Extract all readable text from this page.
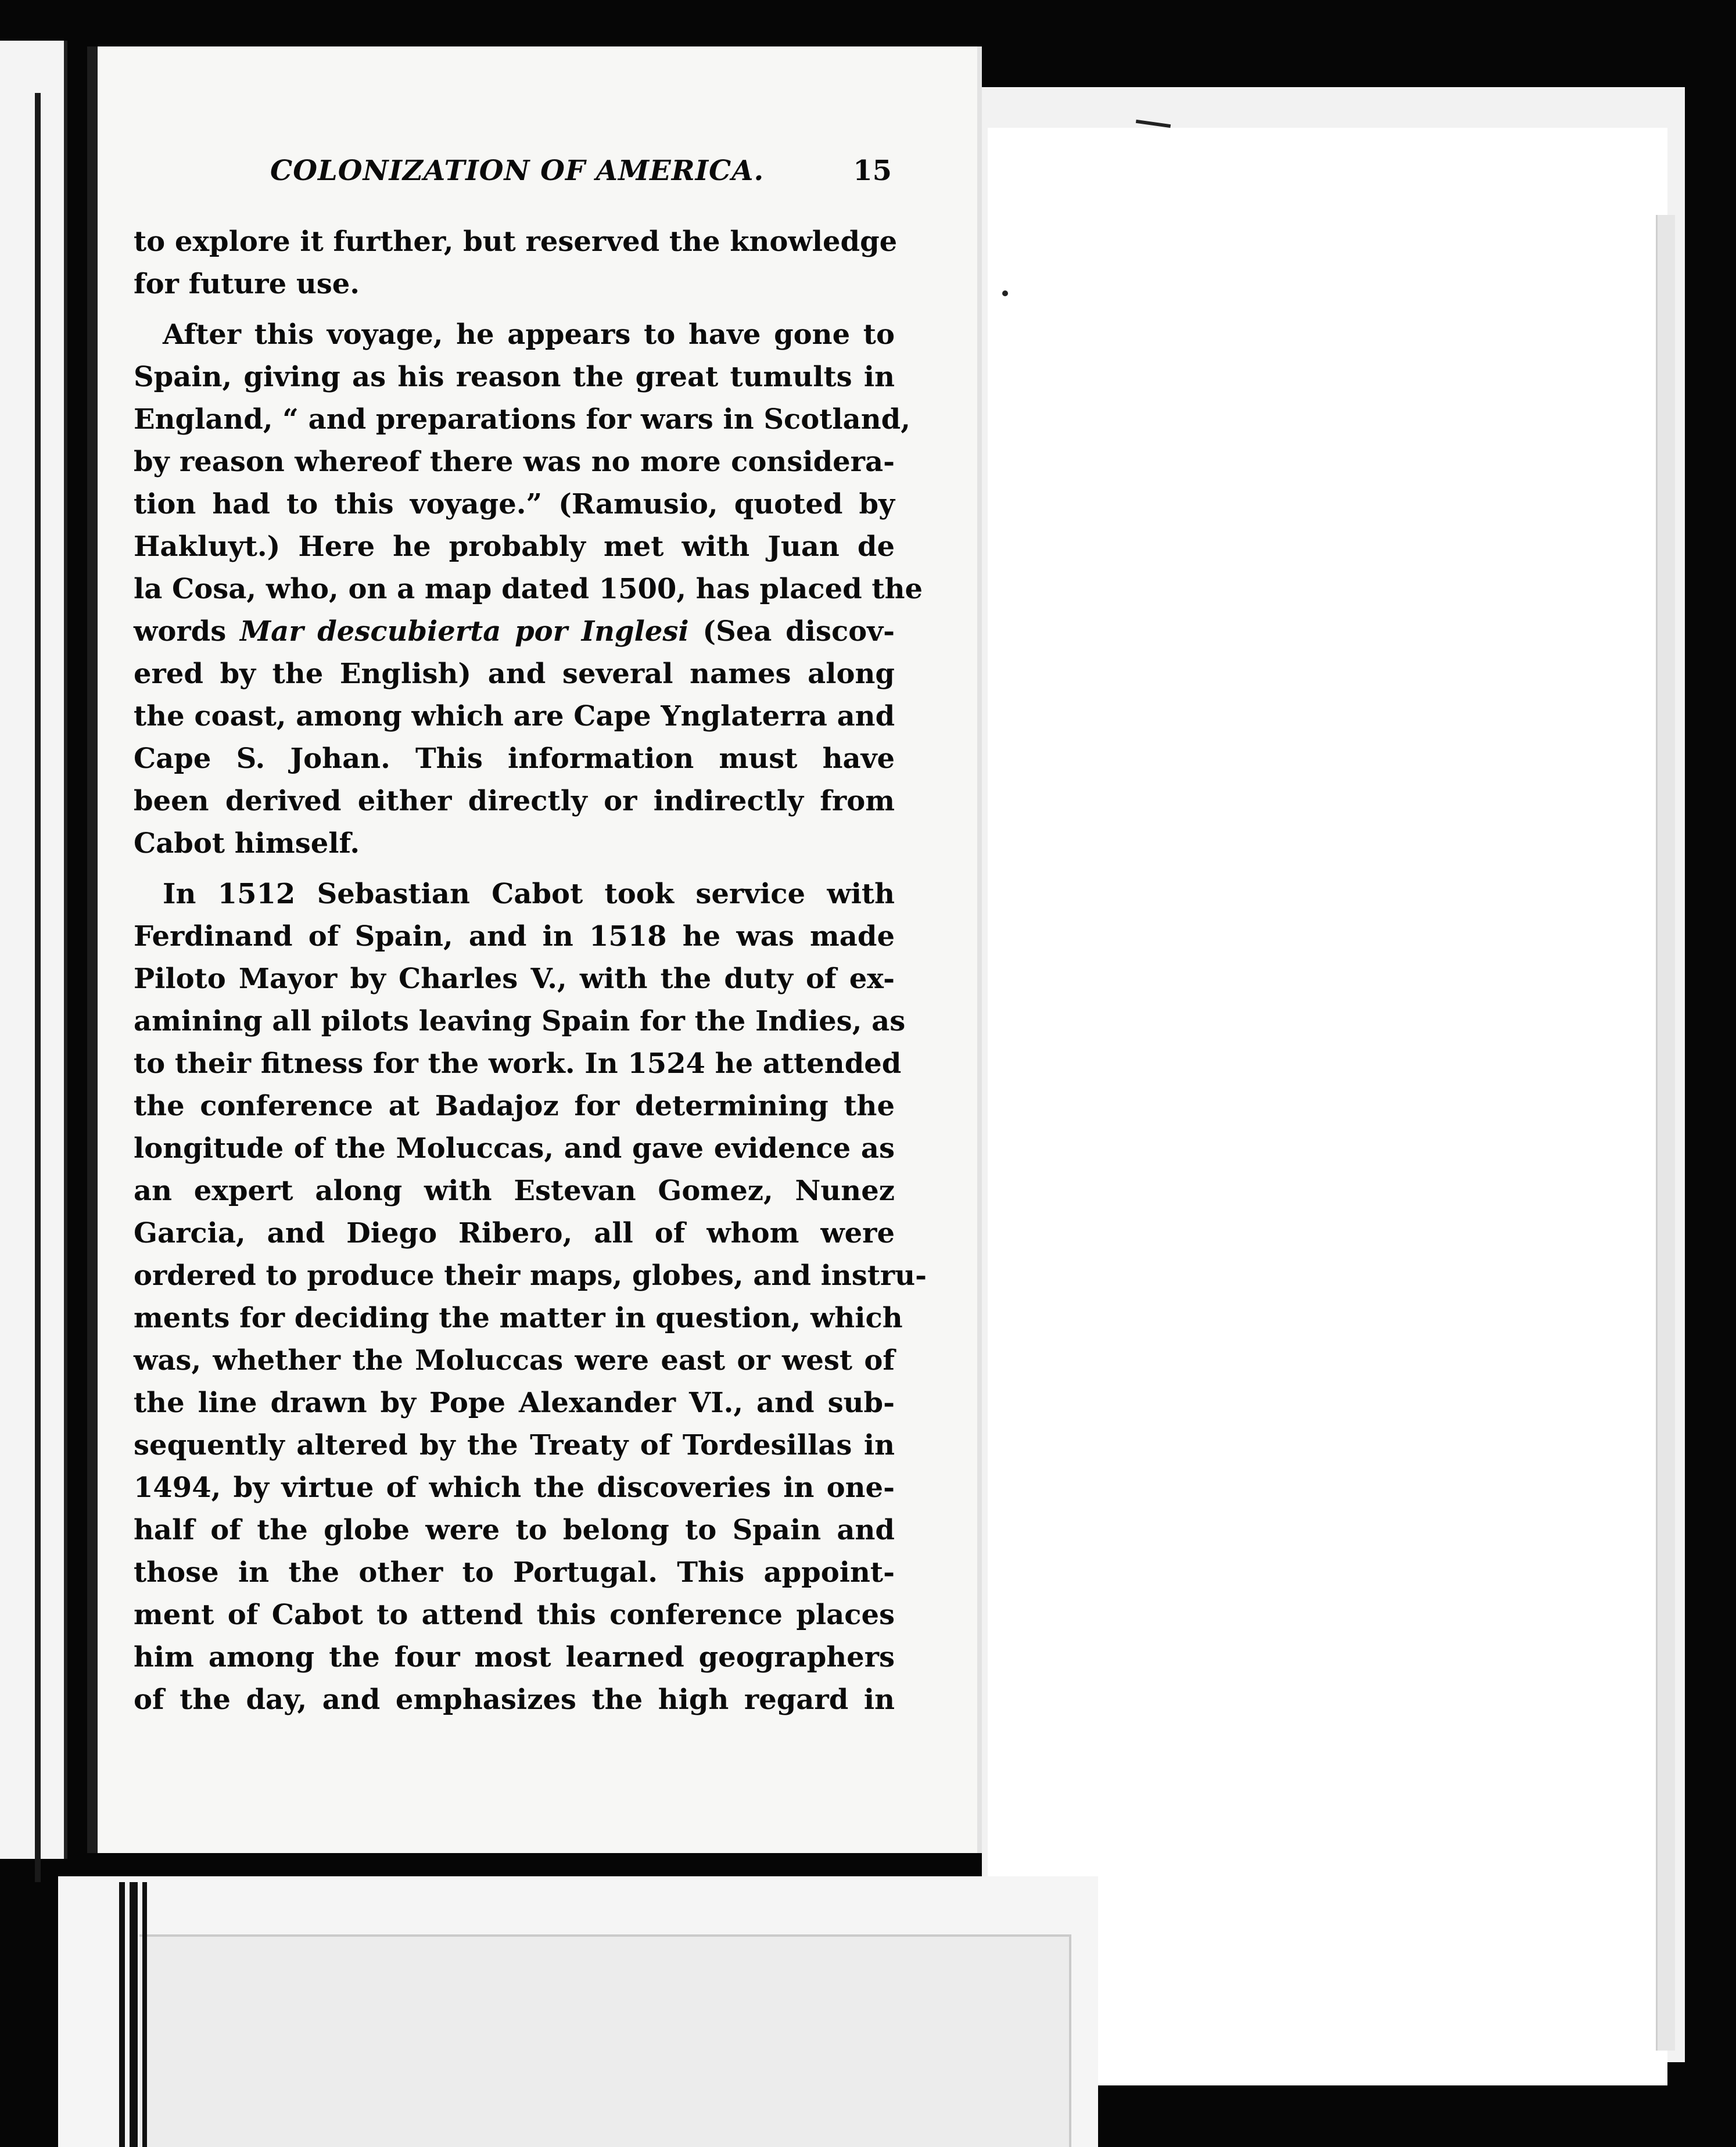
COLONIZATION OF AMERICA.	15
to explore it further, but reserved the knowledge
for future use.
After this voyage, he appears to have gone to
Spain, giving as his reason the great tumults in
England, “ and preparations for wars in Scotland,
by reason whereof there was no more considera-
tion had to this voyage.” (Ramusio, quoted by
Hakluyt.) Here he probably met with Juan de
la Cosa, who, on a map dated 1500, has placed the
words Mar descubierta por Inglesi (Sea discov-
ered by the English) and several names along
the coast, among which are Cape Ynglaterra and
Cape S. Johan. This information must have
been derived either directly or indirectly from
Cabot himself.
In 1512 Sebastian Cabot took service with
Ferdinand of Spain, and in 1518 he was made
Piloto Mayor by Charles V., with the duty of ex-
amining all pilots leaving Spain for the Indies, as
to their fitness for the work. In 1524 he attended
the conference at Badajoz for determining the
longitude of the Moluccas, and gave evidence as
an expert along with Estevan Gomez, Nunez
Garcia, and Diego Ribero, all of whom were
ordered to produce their maps, globes, and instru-
ments for deciding the matter in question, which
was, whether the Moluccas were east or west of
the line drawn by Pope Alexander VI., and sub-
sequently altered by the Treaty of Tordesillas in
1494, by virtue of which the discoveries in one-
half of the globe were to belong to Spain and
those in the other to Portugal. This appoint-
ment of Cabot to attend this conference places
him among the four most learned geographers
of the day, and emphasizes the high regard in
